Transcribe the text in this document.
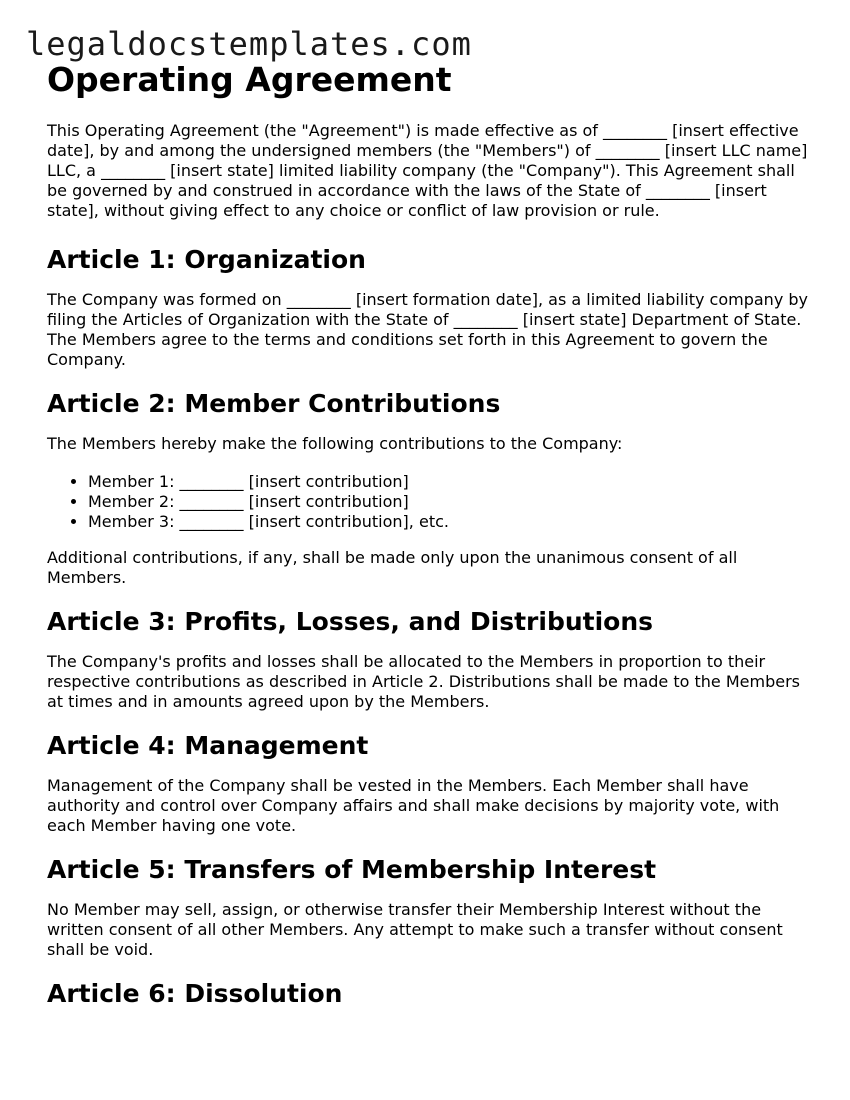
legaldocstemplates.com
Operating Agreement

This Operating Agreement (the "Agreement") is made effective as of ________ [insert effective date], by and among the undersigned members (the "Members") of ________ [insert LLC name] LLC, a ________ [insert state] limited liability company (the "Company"). This Agreement shall be governed by and construed in accordance with the laws of the State of ________ [insert state], without giving effect to any choice or conflict of law provision or rule.

Article 1: Organization

The Company was formed on ________ [insert formation date], as a limited liability company by filing the Articles of Organization with the State of ________ [insert state] Department of State. The Members agree to the terms and conditions set forth in this Agreement to govern the Company.

Article 2: Member Contributions

The Members hereby make the following contributions to the Company:

• Member 1: ________ [insert contribution]
• Member 2: ________ [insert contribution]
• Member 3: ________ [insert contribution], etc.

Additional contributions, if any, shall be made only upon the unanimous consent of all Members.

Article 3: Profits, Losses, and Distributions

The Company's profits and losses shall be allocated to the Members in proportion to their respective contributions as described in Article 2. Distributions shall be made to the Members at times and in amounts agreed upon by the Members.

Article 4: Management

Management of the Company shall be vested in the Members. Each Member shall have authority and control over Company affairs and shall make decisions by majority vote, with each Member having one vote.

Article 5: Transfers of Membership Interest

No Member may sell, assign, or otherwise transfer their Membership Interest without the written consent of all other Members. Any attempt to make such a transfer without consent shall be void.

Article 6: Dissolution
